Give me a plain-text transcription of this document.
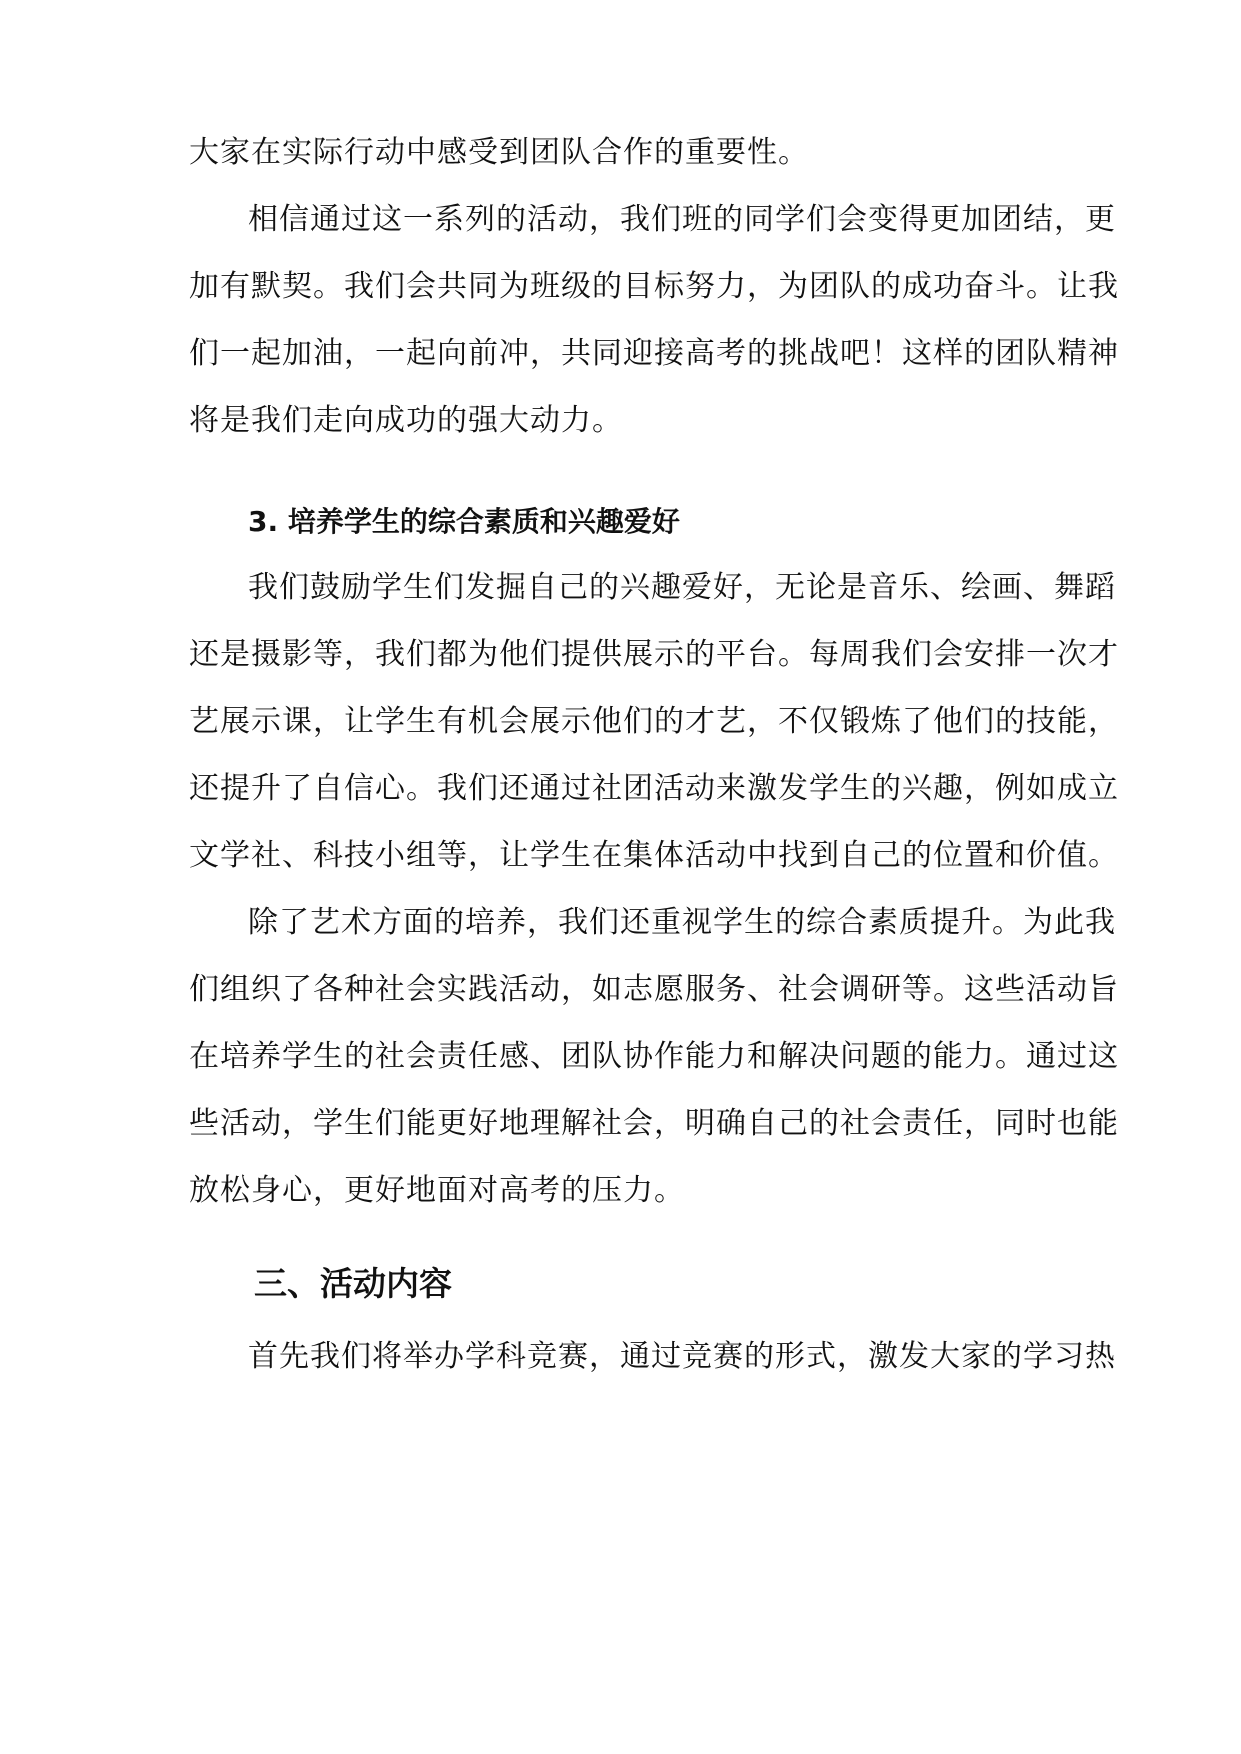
大家在实际行动中感受到团队合作的重要性。
相信通过这一系列的活动，我们班的同学们会变得更加团结，更
加有默契。我们会共同为班级的目标努力，为团队的成功奋斗。让我
们一起加油，一起向前冲，共同迎接高考的挑战吧！这样的团队精神
将是我们走向成功的强大动力。
3. 培养学生的综合素质和兴趣爱好
我们鼓励学生们发掘自己的兴趣爱好，无论是音乐、绘画、舞蹈
还是摄影等，我们都为他们提供展示的平台。每周我们会安排一次才
艺展示课，让学生有机会展示他们的才艺，不仅锻炼了他们的技能，
还提升了自信心。我们还通过社团活动来激发学生的兴趣，例如成立
文学社、科技小组等，让学生在集体活动中找到自己的位置和价值。
除了艺术方面的培养，我们还重视学生的综合素质提升。为此我
们组织了各种社会实践活动，如志愿服务、社会调研等。这些活动旨
在培养学生的社会责任感、团队协作能力和解决问题的能力。通过这
些活动，学生们能更好地理解社会，明确自己的社会责任，同时也能
放松身心，更好地面对高考的压力。
三、活动内容
首先我们将举办学科竞赛，通过竞赛的形式，激发大家的学习热
